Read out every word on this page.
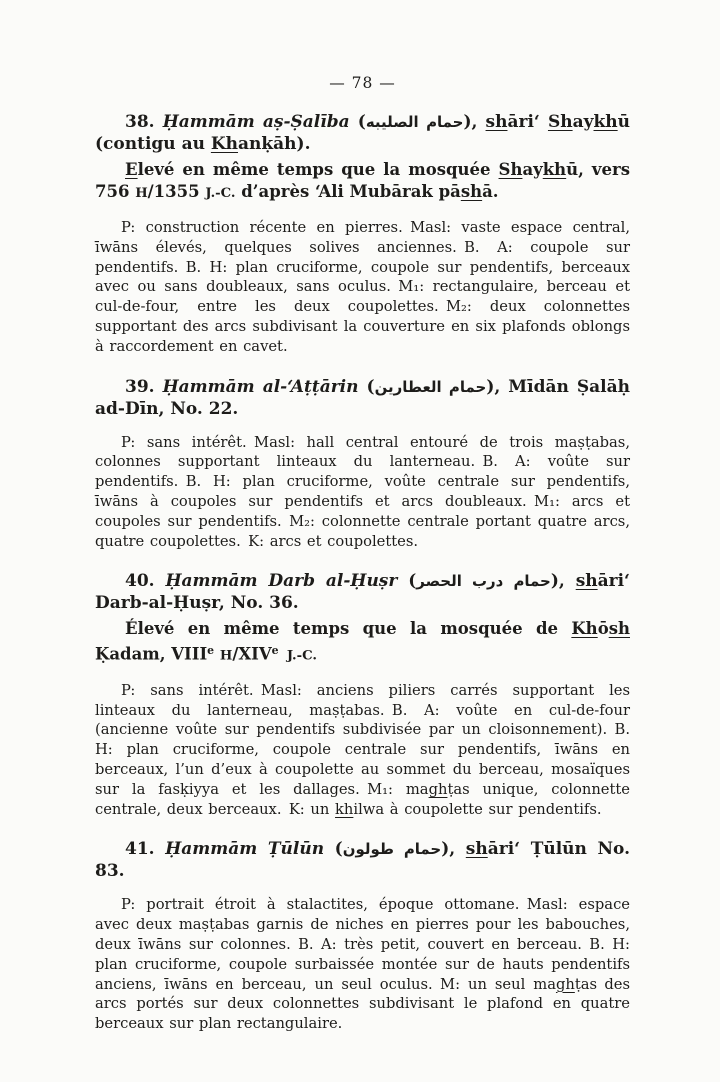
— 78 —

38. Ḥammām aṣ-Ṣalība (حمام الصليبه), shāri‘ Shaykhū (contigu au Khanḳāh).

Elevé en même temps que la mosquée Shaykhū, vers 756 H/1355 J.-C. d’après ‘Ali Mubārak pāshā.

P: construction récente en pierres. Masl: vaste espace central, īwāns élevés, quelques solives anciennes. B. A: coupole sur pendentifs. B. H: plan cruciforme, coupole sur pendentifs, berceaux avec ou sans doubleaux, sans oculus. M₁: rectangulaire, berceau et cul-de-four, entre les deux coupolettes. M₂: deux colonnettes supportant des arcs subdivisant la couverture en six plafonds oblongs à raccordement en cavet.

39. Ḥammām al-‘Aṭṭārin (حمام العطارين), Mīdān Ṣalāḥ ad-Dīn, No. 22.

P: sans intérêt. Masl: hall central entouré de trois maṣṭabas, colonnes supportant linteaux du lanterneau. B. A: voûte sur pendentifs. B. H: plan cruciforme, voûte centrale sur pendentifs, īwāns à coupoles sur pendentifs et arcs doubleaux. M₁: arcs et coupoles sur pendentifs. M₂: colonnette centrale portant quatre arcs, quatre coupolettes. K: arcs et coupolettes.

40. Ḥammām Darb al-Ḥuṣr (حمام درب الحصر), shāri‘ Darb-al-Ḥuṣr, No. 36.

Élevé en même temps que la mosquée de Khōsh Ḳadam, VIIIe H/XIVe  J.-C.

P: sans intérêt. Masl: anciens piliers carrés supportant les linteaux du lanterneau, maṣṭabas. B. A: voûte en cul-de-four (ancienne voûte sur pendentifs subdivisée par un cloisonnement). B. H: plan cruciforme, coupole centrale sur pendentifs, īwāns en berceaux, l’un d’eux à coupolette au sommet du berceau, mosaïques sur la fasḳiyya et les dallages. M₁: maghṭas unique, colonnette centrale, deux berceaux. K: un khilwa à coupolette sur pendentifs.

41. Ḥammām Ṭūlūn (حمام طولون), shāri‘ Ṭūlūn No. 83.

P: portrait étroit à stalactites, époque ottomane. Masl: espace avec deux maṣṭabas garnis de niches en pierres pour les babouches, deux īwāns sur colonnes. B. A: très petit, couvert en berceau. B. H: plan cruciforme, coupole surbaissée montée sur de hauts pendentifs anciens, īwāns en berceau, un seul oculus. M: un seul maghṭas des arcs portés sur deux colonnettes subdivisant le plafond en quatre berceaux sur plan rectangulaire.
